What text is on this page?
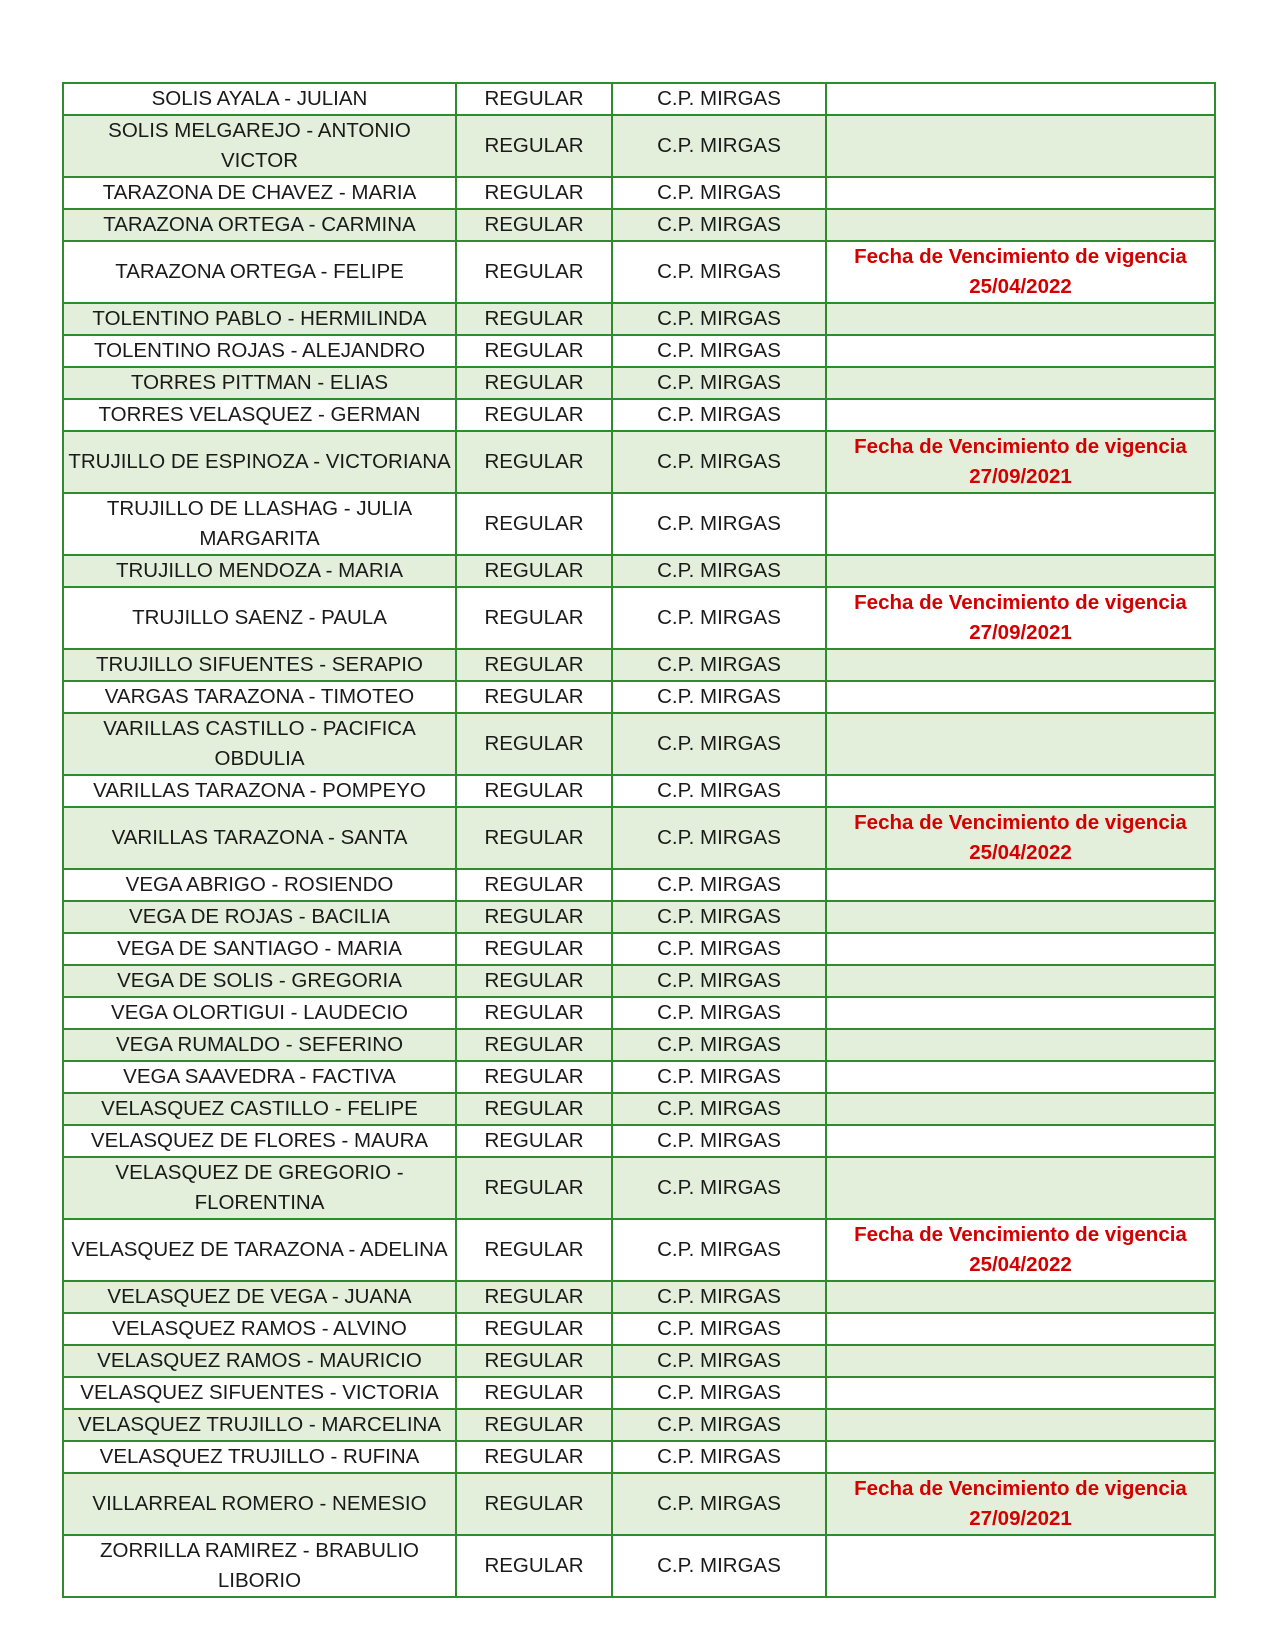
SOLIS AYALA - JULIAN	REGULAR	C.P. MIRGAS	

SOLIS MELGAREJO - ANTONIO VICTOR	REGULAR	C.P. MIRGAS	

TARAZONA DE CHAVEZ - MARIA	REGULAR	C.P. MIRGAS	

TARAZONA ORTEGA - CARMINA	REGULAR	C.P. MIRGAS	

TARAZONA ORTEGA - FELIPE	REGULAR	C.P. MIRGAS	Fecha de Vencimiento de vigencia
25/04/2022

TOLENTINO PABLO - HERMILINDA	REGULAR	C.P. MIRGAS	

TOLENTINO ROJAS - ALEJANDRO	REGULAR	C.P. MIRGAS	

TORRES PITTMAN - ELIAS	REGULAR	C.P. MIRGAS	

TORRES VELASQUEZ - GERMAN	REGULAR	C.P. MIRGAS	

TRUJILLO DE ESPINOZA - VICTORIANA	REGULAR	C.P. MIRGAS	Fecha de Vencimiento de vigencia
27/09/2021

TRUJILLO DE LLASHAG - JULIA MARGARITA	REGULAR	C.P. MIRGAS	

TRUJILLO MENDOZA - MARIA	REGULAR	C.P. MIRGAS	

TRUJILLO SAENZ - PAULA	REGULAR	C.P. MIRGAS	Fecha de Vencimiento de vigencia
27/09/2021

TRUJILLO SIFUENTES - SERAPIO	REGULAR	C.P. MIRGAS	

VARGAS TARAZONA - TIMOTEO	REGULAR	C.P. MIRGAS	

VARILLAS CASTILLO - PACIFICA OBDULIA	REGULAR	C.P. MIRGAS	

VARILLAS TARAZONA - POMPEYO	REGULAR	C.P. MIRGAS	

VARILLAS TARAZONA - SANTA	REGULAR	C.P. MIRGAS	Fecha de Vencimiento de vigencia
25/04/2022

VEGA ABRIGO - ROSIENDO	REGULAR	C.P. MIRGAS	

VEGA DE ROJAS - BACILIA	REGULAR	C.P. MIRGAS	

VEGA DE SANTIAGO - MARIA	REGULAR	C.P. MIRGAS	

VEGA DE SOLIS - GREGORIA	REGULAR	C.P. MIRGAS	

VEGA OLORTIGUI - LAUDECIO	REGULAR	C.P. MIRGAS	

VEGA RUMALDO - SEFERINO	REGULAR	C.P. MIRGAS	

VEGA SAAVEDRA - FACTIVA	REGULAR	C.P. MIRGAS	

VELASQUEZ CASTILLO - FELIPE	REGULAR	C.P. MIRGAS	

VELASQUEZ DE FLORES - MAURA	REGULAR	C.P. MIRGAS	

VELASQUEZ DE GREGORIO - FLORENTINA	REGULAR	C.P. MIRGAS	

VELASQUEZ DE TARAZONA - ADELINA	REGULAR	C.P. MIRGAS	Fecha de Vencimiento de vigencia
25/04/2022

VELASQUEZ DE VEGA - JUANA	REGULAR	C.P. MIRGAS	

VELASQUEZ RAMOS - ALVINO	REGULAR	C.P. MIRGAS	

VELASQUEZ RAMOS - MAURICIO	REGULAR	C.P. MIRGAS	

VELASQUEZ SIFUENTES - VICTORIA	REGULAR	C.P. MIRGAS	

VELASQUEZ TRUJILLO - MARCELINA	REGULAR	C.P. MIRGAS	

VELASQUEZ TRUJILLO - RUFINA	REGULAR	C.P. MIRGAS	

VILLARREAL ROMERO - NEMESIO	REGULAR	C.P. MIRGAS	Fecha de Vencimiento de vigencia
27/09/2021

ZORRILLA RAMIREZ - BRABULIO LIBORIO	REGULAR	C.P. MIRGAS	
